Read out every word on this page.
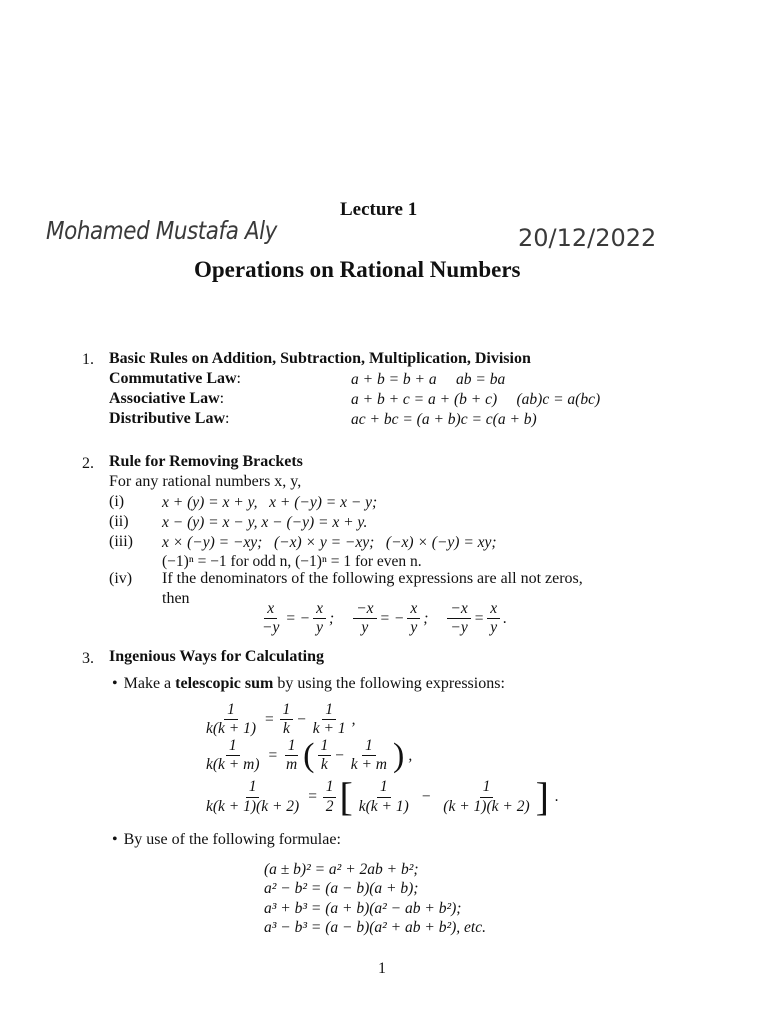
Lecture 1
Mohamed Mustafa Aly	20/12/2022
Operations on Rational Numbers
1. Basic Rules on Addition, Subtraction, Multiplication, Division
Commutative Law:	a + b = b + a     ab = ba
Associative Law:	a + b + c = a + (b + c)     (ab)c = a(bc)
Distributive Law:	ac + bc = (a + b)c = c(a + b)
2. Rule for Removing Brackets
For any rational numbers x, y,
(i) x + (y) = x + y,   x + (−y) = x − y;
(ii) x − (y) = x − y, x − (−y) = x + y.
(iii) x × (−y) = −xy;   (−x) × y = −xy;   (−x) × (−y) = xy;
(−1)ⁿ = −1 for odd n, (−1)ⁿ = 1 for even n.
(iv) If the denominators of the following expressions are all not zeros,
then
$\frac{x}{-y}$ = − $\frac{x}{y}$ ; $\frac{-x}{y}$ = − $\frac{x}{y}$ ; $\frac{-x}{-y} = \frac{x}{y}$ .
3. Ingenious Ways for Calculating
• Make a telescopic sum by using the following expressions:
$\frac{1}{k(k + 1)} = \frac{1}{k} - \frac{1}{k + 1}$ ,
$\frac{1}{k(k + m)} = \frac{1}{m}$ ( $\frac{1}{k} - \frac{1}{k + m}$ ) ,
$\frac{1}{k(k + 1)(k + 2)} = \frac{1}{2}$ [ $\frac{1}{k(k + 1)} - \frac{1}{(k + 1)(k + 2)}$ ] .
• By use of the following formulae:
(a ± b)² = a² + 2ab + b²;
a² − b² = (a − b)(a + b);
a³ + b³ = (a + b)(a² − ab + b²);
a³ − b³ = (a − b)(a² + ab + b²), etc.
1
